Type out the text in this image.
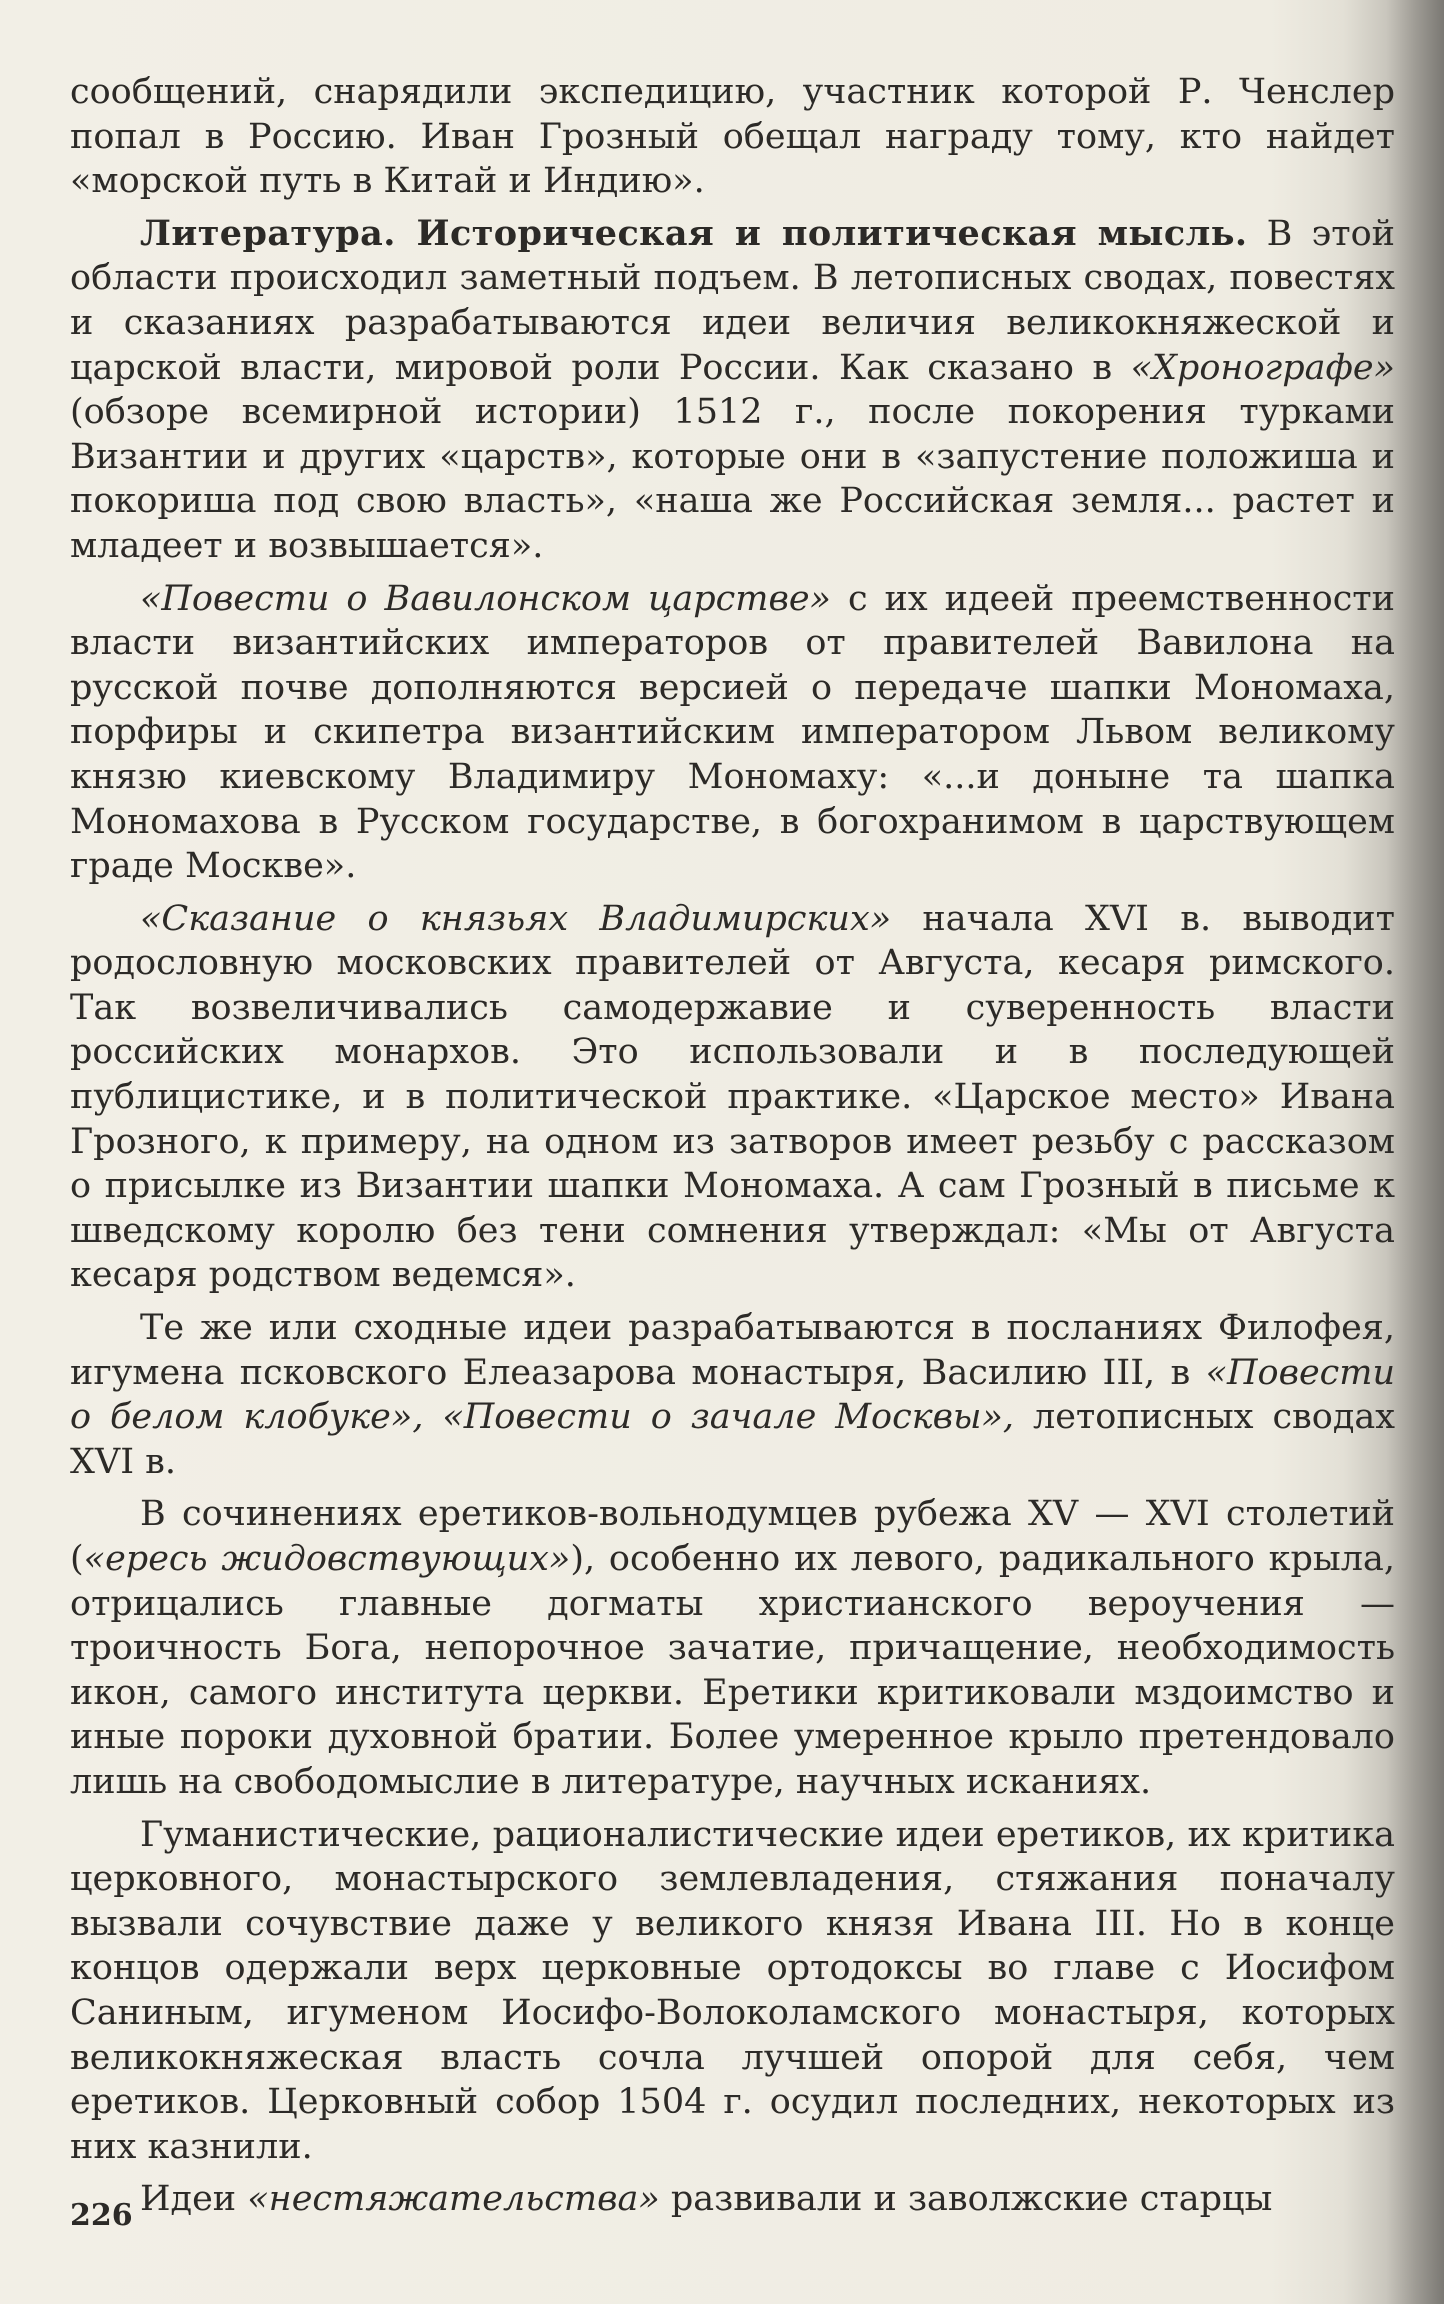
сообщений, снарядили экспедицию, участник которой Р. Ченслер попал в Россию. Иван Грозный обещал награду тому, кто найдет «морской путь в Китай и Индию».

Литература. Историческая и политическая мысль. В этой области происходил заметный подъем. В летописных сводах, повестях и сказаниях разрабатываются идеи величия великокняжеской и царской власти, мировой роли России. Как сказано в «Хронографе» (обзоре всемирной истории) 1512 г., после покорения турками Византии и других «царств», которые они в «запустение положиша и покориша под свою власть», «наша же Российская земля... растет и младеет и возвышается».

«Повести о Вавилонском царстве» с их идеей преемственности власти византийских императоров от правителей Вавилона на русской почве дополняются версией о передаче шапки Мономаха, порфиры и скипетра византийским императором Львом великому князю киевскому Владимиру Мономаху: «...и доныне та шапка Мономахова в Русском государстве, в богохранимом в царствующем граде Москве».

«Сказание о князьях Владимирских» начала XVI в. выводит родословную московских правителей от Августа, кесаря римского. Так возвеличивались самодержавие и суверенность власти российских монархов. Это использовали и в последующей публицистике, и в политической практике. «Царское место» Ивана Грозного, к примеру, на одном из затворов имеет резьбу с рассказом о присылке из Византии шапки Мономаха. А сам Грозный в письме к шведскому королю без тени сомнения утверждал: «Мы от Августа кесаря родством ведемся».

Те же или сходные идеи разрабатываются в посланиях Филофея, игумена псковского Елеазарова монастыря, Василию III, в «Повести о белом клобуке», «Повести о зачале Москвы», летописных сводах XVI в.

В сочинениях еретиков-вольнодумцев рубежа XV — XVI столетий («ересь жидовствующих»), особенно их левого, радикального крыла, отрицались главные догматы христианского вероучения — троичность Бога, непорочное зачатие, причащение, необходимость икон, самого института церкви. Еретики критиковали мздоимство и иные пороки духовной братии. Более умеренное крыло претендовало лишь на свободомыслие в литературе, научных исканиях.

Гуманистические, рационалистические идеи еретиков, их критика церковного, монастырского землевладения, стяжания поначалу вызвали сочувствие даже у великого князя Ивана III. Но в конце концов одержали верх церковные ортодоксы во главе с Иосифом Саниным, игуменом Иосифо-Волоколамского монастыря, которых великокняжеская власть сочла лучшей опорой для себя, чем еретиков. Церковный собор 1504 г. осудил последних, некоторых из них казнили.

Идеи «нестяжательства» развивали и заволжские старцы

226
